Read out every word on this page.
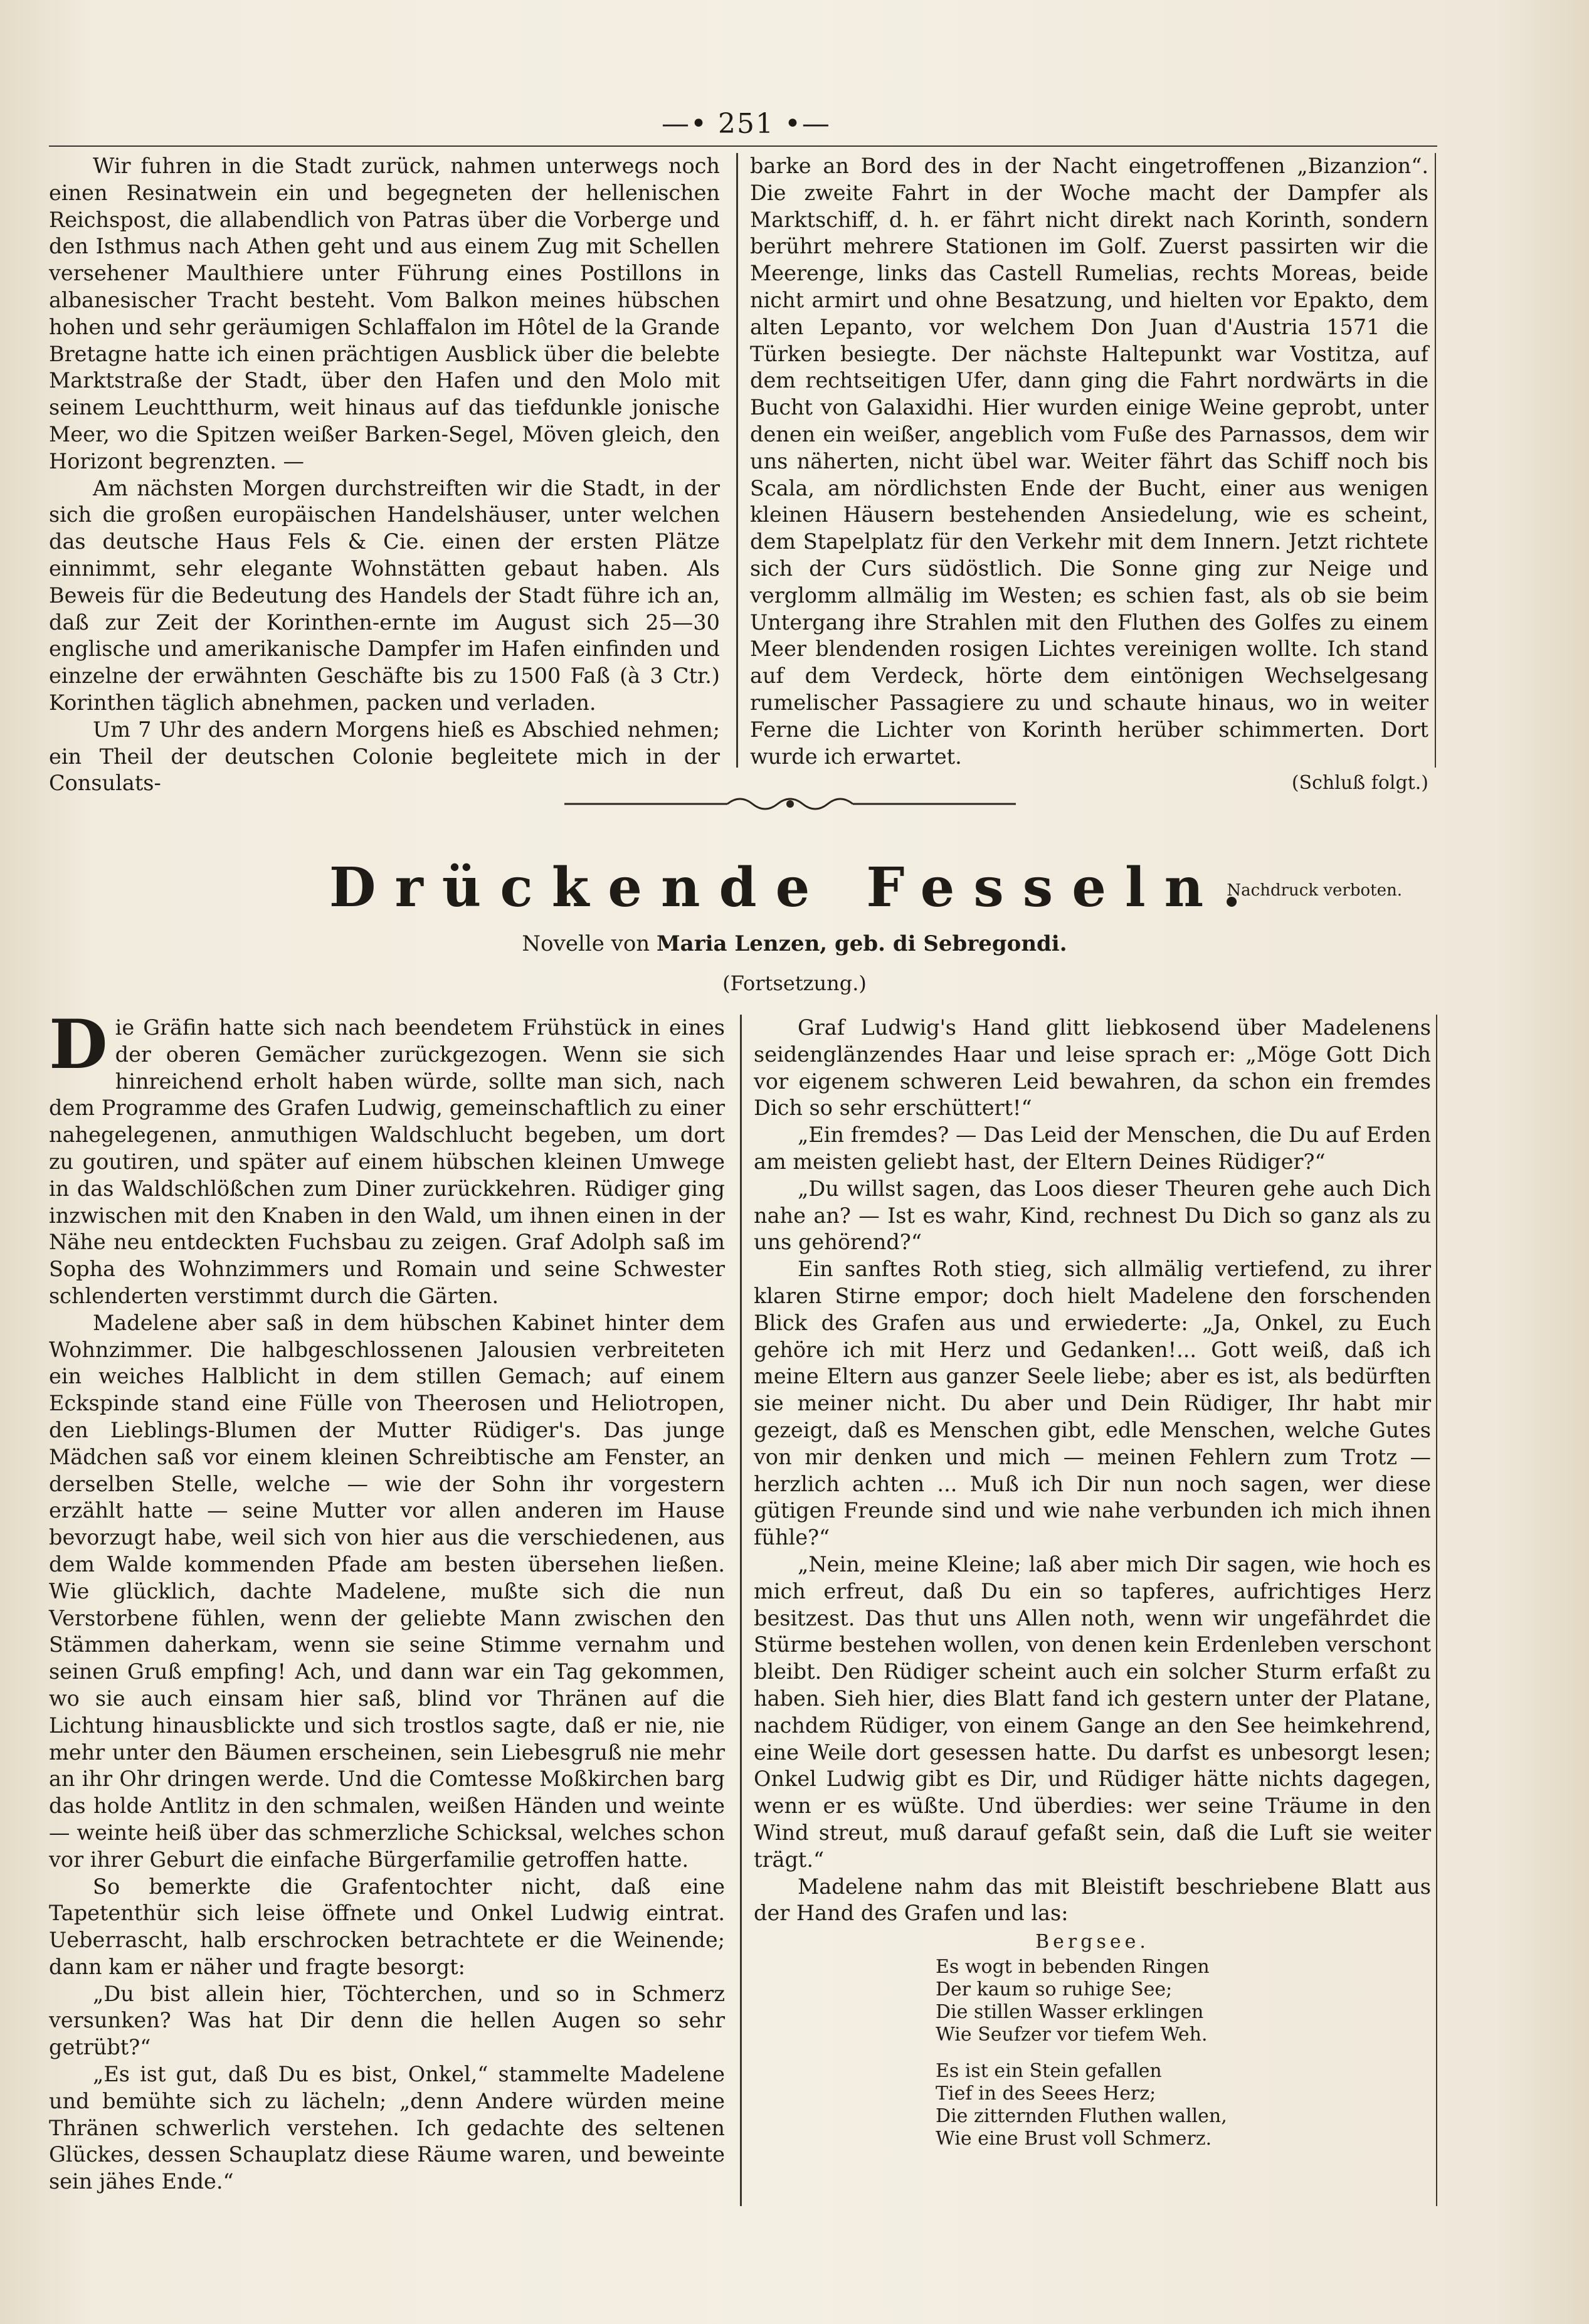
—• 251 •—

Wir fuhren in die Stadt zurück, nahmen unterwegs noch einen Resinatwein ein und begegneten der hellenischen Reichspost, die allabendlich von Patras über die Vorberge und den Isthmus nach Athen geht und aus einem Zug mit Schellen versehener Maulthiere unter Führung eines Postillons in albanesischer Tracht besteht. Vom Balkon meines hübschen hohen und sehr geräumigen Schlaffalon im Hôtel de la Grande Bretagne hatte ich einen prächtigen Ausblick über die belebte Marktstraße der Stadt, über den Hafen und den Molo mit seinem Leuchtthurm, weit hinaus auf das tiefdunkle jonische Meer, wo die Spitzen weißer Barken-Segel, Möven gleich, den Horizont begrenzten. —

Am nächsten Morgen durchstreiften wir die Stadt, in der sich die großen europäischen Handelshäuser, unter welchen das deutsche Haus Fels & Cie. einen der ersten Plätze einnimmt, sehr elegante Wohnstätten gebaut haben. Als Beweis für die Bedeutung des Handels der Stadt führe ich an, daß zur Zeit der Korinthen-ernte im August sich 25—30 englische und amerikanische Dampfer im Hafen einfinden und einzelne der erwähnten Geschäfte bis zu 1500 Faß (à 3 Ctr.) Korinthen täglich abnehmen, packen und verladen.

Um 7 Uhr des andern Morgens hieß es Abschied nehmen; ein Theil der deutschen Colonie begleitete mich in der Consulats-

barke an Bord des in der Nacht eingetroffenen „Bizanzion“. Die zweite Fahrt in der Woche macht der Dampfer als Marktschiff, d. h. er fährt nicht direkt nach Korinth, sondern berührt mehrere Stationen im Golf. Zuerst passirten wir die Meerenge, links das Castell Rumelias, rechts Moreas, beide nicht armirt und ohne Besatzung, und hielten vor Epakto, dem alten Lepanto, vor welchem Don Juan d'Austria 1571 die Türken besiegte. Der nächste Haltepunkt war Vostitza, auf dem rechtseitigen Ufer, dann ging die Fahrt nordwärts in die Bucht von Galaxidhi. Hier wurden einige Weine geprobt, unter denen ein weißer, angeblich vom Fuße des Parnassos, dem wir uns näherten, nicht übel war. Weiter fährt das Schiff noch bis Scala, am nördlichsten Ende der Bucht, einer aus wenigen kleinen Häusern bestehenden Ansiedelung, wie es scheint, dem Stapelplatz für den Verkehr mit dem Innern. Jetzt richtete sich der Curs südöstlich. Die Sonne ging zur Neige und verglomm allmälig im Westen; es schien fast, als ob sie beim Untergang ihre Strahlen mit den Fluthen des Golfes zu einem Meer blendenden rosigen Lichtes vereinigen wollte. Ich stand auf dem Verdeck, hörte dem eintönigen Wechselgesang rumelischer Passagiere zu und schaute hinaus, wo in weiter Ferne die Lichter von Korinth herüber schimmerten. Dort wurde ich erwartet.

(Schluß folgt.)
Drückende Fesseln.
Nachdruck verboten.
Novelle von Maria Lenzen, geb. di Sebregondi.
(Fortsetzung.)

Die Gräfin hatte sich nach beendetem Frühstück in eines der oberen Gemächer zurückgezogen. Wenn sie sich hinreichend erholt haben würde, sollte man sich, nach dem Programme des Grafen Ludwig, gemeinschaftlich zu einer nahegelegenen, anmuthigen Waldschlucht begeben, um dort zu goutiren, und später auf einem hübschen kleinen Umwege in das Waldschlößchen zum Diner zurückkehren. Rüdiger ging inzwischen mit den Knaben in den Wald, um ihnen einen in der Nähe neu entdeckten Fuchsbau zu zeigen. Graf Adolph saß im Sopha des Wohnzimmers und Romain und seine Schwester schlenderten verstimmt durch die Gärten.

Madelene aber saß in dem hübschen Kabinet hinter dem Wohnzimmer. Die halbgeschlossenen Jalousien verbreiteten ein weiches Halblicht in dem stillen Gemach; auf einem Eckspinde stand eine Fülle von Theerosen und Heliotropen, den Lieblings-Blumen der Mutter Rüdiger's. Das junge Mädchen saß vor einem kleinen Schreibtische am Fenster, an derselben Stelle, welche — wie der Sohn ihr vorgestern erzählt hatte — seine Mutter vor allen anderen im Hause bevorzugt habe, weil sich von hier aus die verschiedenen, aus dem Walde kommenden Pfade am besten übersehen ließen. Wie glücklich, dachte Madelene, mußte sich die nun Verstorbene fühlen, wenn der geliebte Mann zwischen den Stämmen daherkam, wenn sie seine Stimme vernahm und seinen Gruß empfing! Ach, und dann war ein Tag gekommen, wo sie auch einsam hier saß, blind vor Thränen auf die Lichtung hinausblickte und sich trostlos sagte, daß er nie, nie mehr unter den Bäumen erscheinen, sein Liebesgruß nie mehr an ihr Ohr dringen werde. Und die Comtesse Moßkirchen barg das holde Antlitz in den schmalen, weißen Händen und weinte — weinte heiß über das schmerzliche Schicksal, welches schon vor ihrer Geburt die einfache Bürgerfamilie getroffen hatte.

So bemerkte die Grafentochter nicht, daß eine Tapetenthür sich leise öffnete und Onkel Ludwig eintrat. Ueberrascht, halb erschrocken betrachtete er die Weinende; dann kam er näher und fragte besorgt:

„Du bist allein hier, Töchterchen, und so in Schmerz versunken? Was hat Dir denn die hellen Augen so sehr getrübt?“

„Es ist gut, daß Du es bist, Onkel,“ stammelte Madelene und bemühte sich zu lächeln; „denn Andere würden meine Thränen schwerlich verstehen. Ich gedachte des seltenen Glückes, dessen Schauplatz diese Räume waren, und beweinte sein jähes Ende.“

Graf Ludwig's Hand glitt liebkosend über Madelenens seidenglänzendes Haar und leise sprach er: „Möge Gott Dich vor eigenem schweren Leid bewahren, da schon ein fremdes Dich so sehr erschüttert!“

„Ein fremdes? — Das Leid der Menschen, die Du auf Erden am meisten geliebt hast, der Eltern Deines Rüdiger?“

„Du willst sagen, das Loos dieser Theuren gehe auch Dich nahe an? — Ist es wahr, Kind, rechnest Du Dich so ganz als zu uns gehörend?“

Ein sanftes Roth stieg, sich allmälig vertiefend, zu ihrer klaren Stirne empor; doch hielt Madelene den forschenden Blick des Grafen aus und erwiederte: „Ja, Onkel, zu Euch gehöre ich mit Herz und Gedanken!... Gott weiß, daß ich meine Eltern aus ganzer Seele liebe; aber es ist, als bedürften sie meiner nicht. Du aber und Dein Rüdiger, Ihr habt mir gezeigt, daß es Menschen gibt, edle Menschen, welche Gutes von mir denken und mich — meinen Fehlern zum Trotz — herzlich achten ... Muß ich Dir nun noch sagen, wer diese gütigen Freunde sind und wie nahe verbunden ich mich ihnen fühle?“

„Nein, meine Kleine; laß aber mich Dir sagen, wie hoch es mich erfreut, daß Du ein so tapferes, aufrichtiges Herz besitzest. Das thut uns Allen noth, wenn wir ungefährdet die Stürme bestehen wollen, von denen kein Erdenleben verschont bleibt. Den Rüdiger scheint auch ein solcher Sturm erfaßt zu haben. Sieh hier, dies Blatt fand ich gestern unter der Platane, nachdem Rüdiger, von einem Gange an den See heimkehrend, eine Weile dort gesessen hatte. Du darfst es unbesorgt lesen; Onkel Ludwig gibt es Dir, und Rüdiger hätte nichts dagegen, wenn er es wüßte. Und überdies: wer seine Träume in den Wind streut, muß darauf gefaßt sein, daß die Luft sie weiter trägt.“

Madelene nahm das mit Bleistift beschriebene Blatt aus der Hand des Grafen und las:

Bergsee.
Es wogt in bebenden Ringen
Der kaum so ruhige See;
Die stillen Wasser erklingen
Wie Seufzer vor tiefem Weh.
Es ist ein Stein gefallen
Tief in des Seees Herz;
Die zitternden Fluthen wallen,
Wie eine Brust voll Schmerz.
